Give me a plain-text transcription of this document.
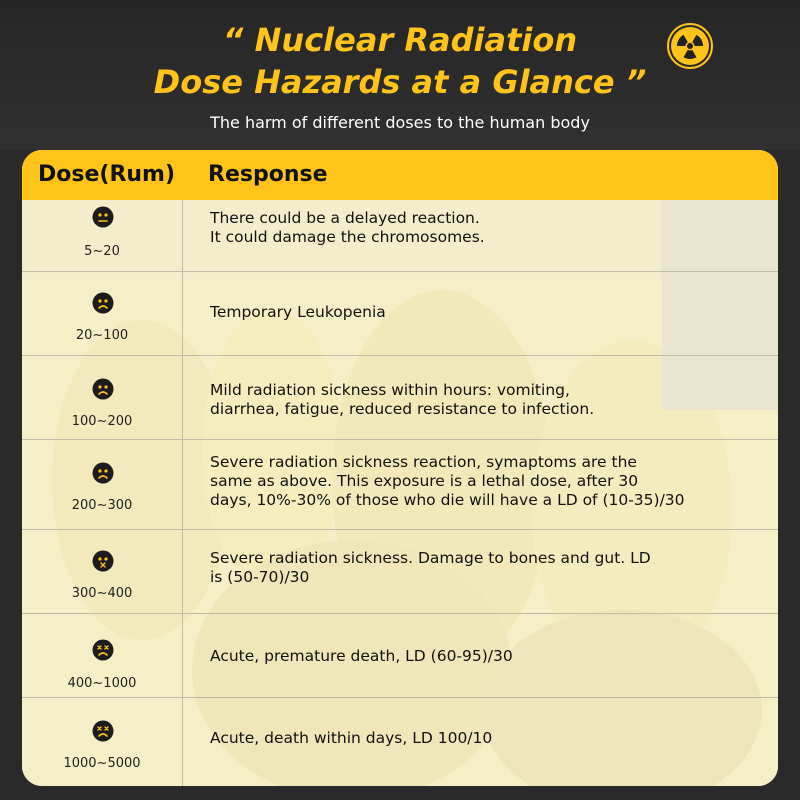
“ Nuclear Radiation
Dose Hazards at a Glance ”
The harm of different doses to the human body
Dose(Rum) Response
5~20
There could be a delayed reaction.
It could damage the chromosomes.
20~100
Temporary Leukopenia
100~200
Mild radiation sickness within hours: vomiting,
diarrhea, fatigue, reduced resistance to infection.
200~300
Severe radiation sickness reaction, symaptoms are the
same as above. This exposure is a lethal dose, after 30
days, 10%-30% of those who die will have a LD of (10-35)/30
300~400
Severe radiation sickness. Damage to bones and gut. LD
is (50-70)/30
400~1000
Acute, premature death, LD (60-95)/30
1000~5000
Acute, death within days, LD 100/10
